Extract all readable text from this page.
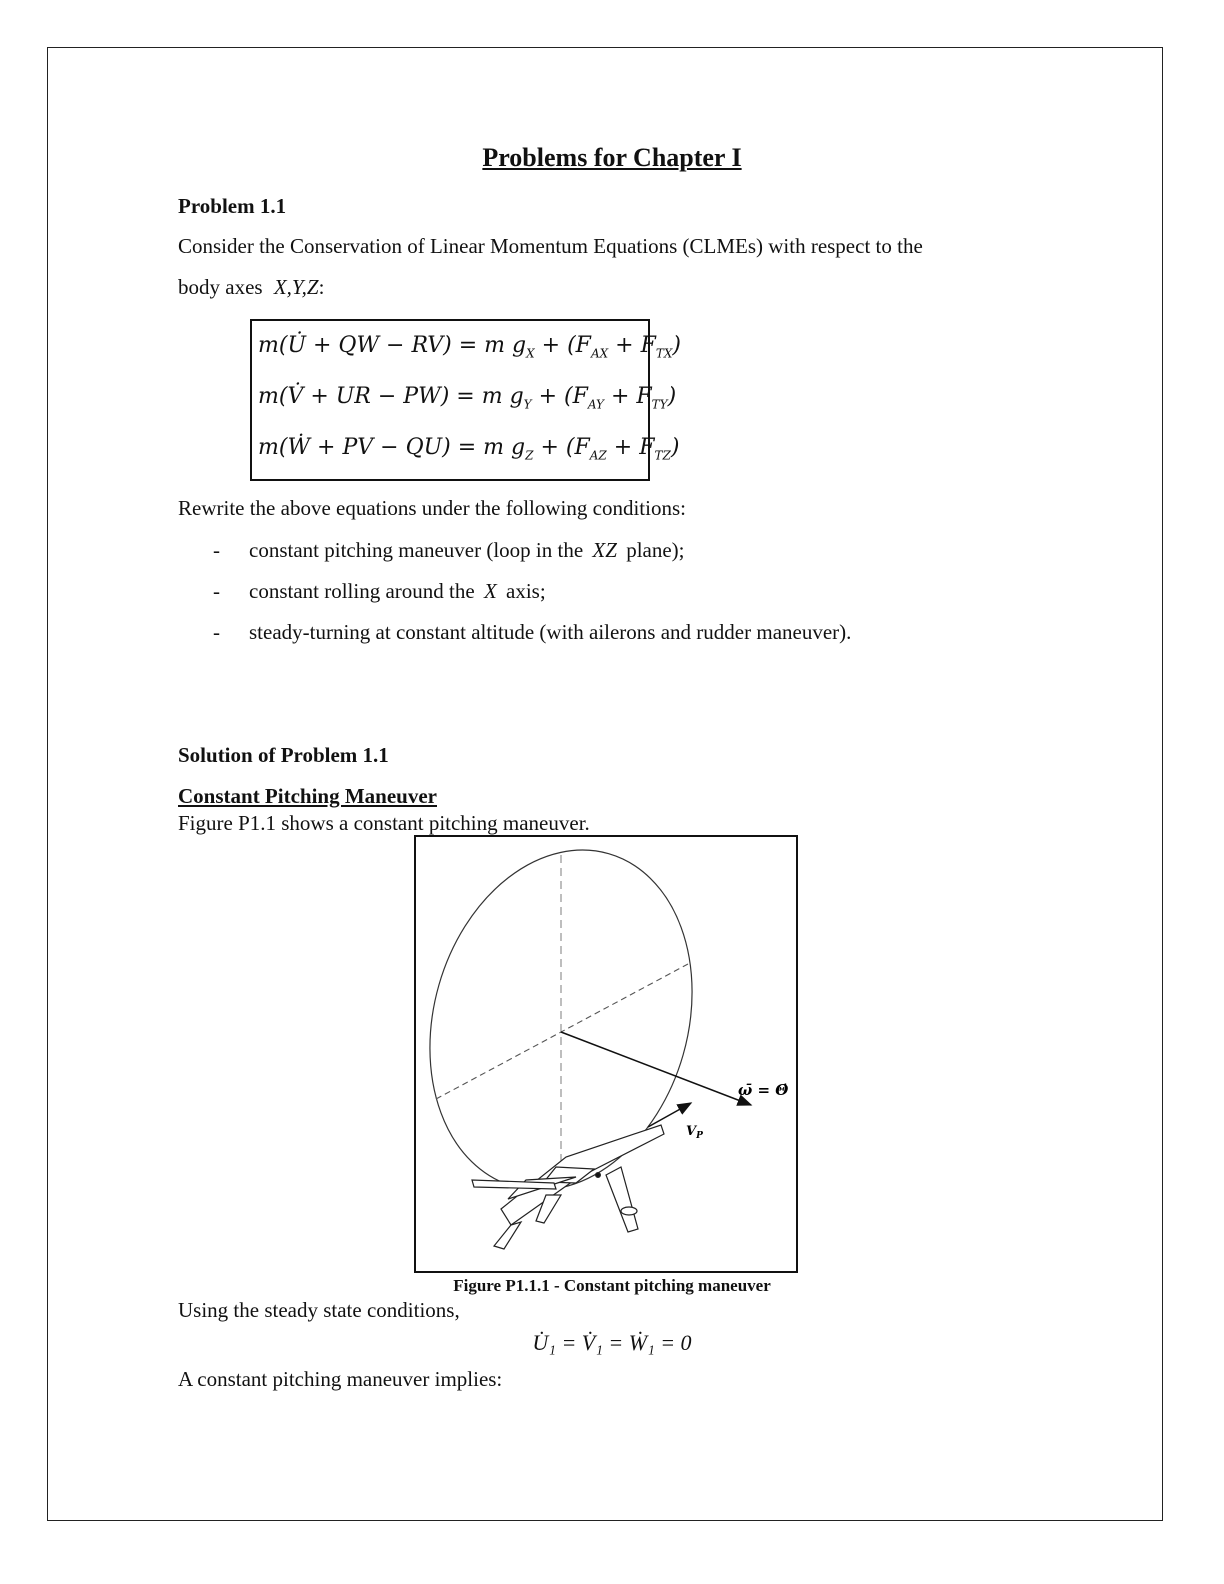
Problems for Chapter I
Problem 1.1
Consider the Conservation of Linear Momentum Equations (CLMEs) with respect to the
body axes X,Y,Z:
m(U̇ + QW − RV) = m $g_X + (F_{AX} + F_{TX})$
m(V̇ + UR − PW) = m $g_Y + (F_{AY} + F_{TY})$
m(Ẇ + PV − QU) = m $g_Z + (F_{AZ} + F_{TZ})$
Rewrite the above equations under the following conditions:
- constant pitching maneuver (loop in the XZ plane);
- constant rolling around the X axis;
- steady-turning at constant altitude (with ailerons and rudder maneuver).
Solution of Problem 1.1
Constant Pitching Maneuver
Figure P1.1 shows a constant pitching maneuver.
ω̄ = Θ̇
$V_P$
Figure P1.1.1 - Constant pitching maneuver
Using the steady state conditions,
U̇₁ = V̇₁ = Ẇ₁ = 0
A constant pitching maneuver implies:
